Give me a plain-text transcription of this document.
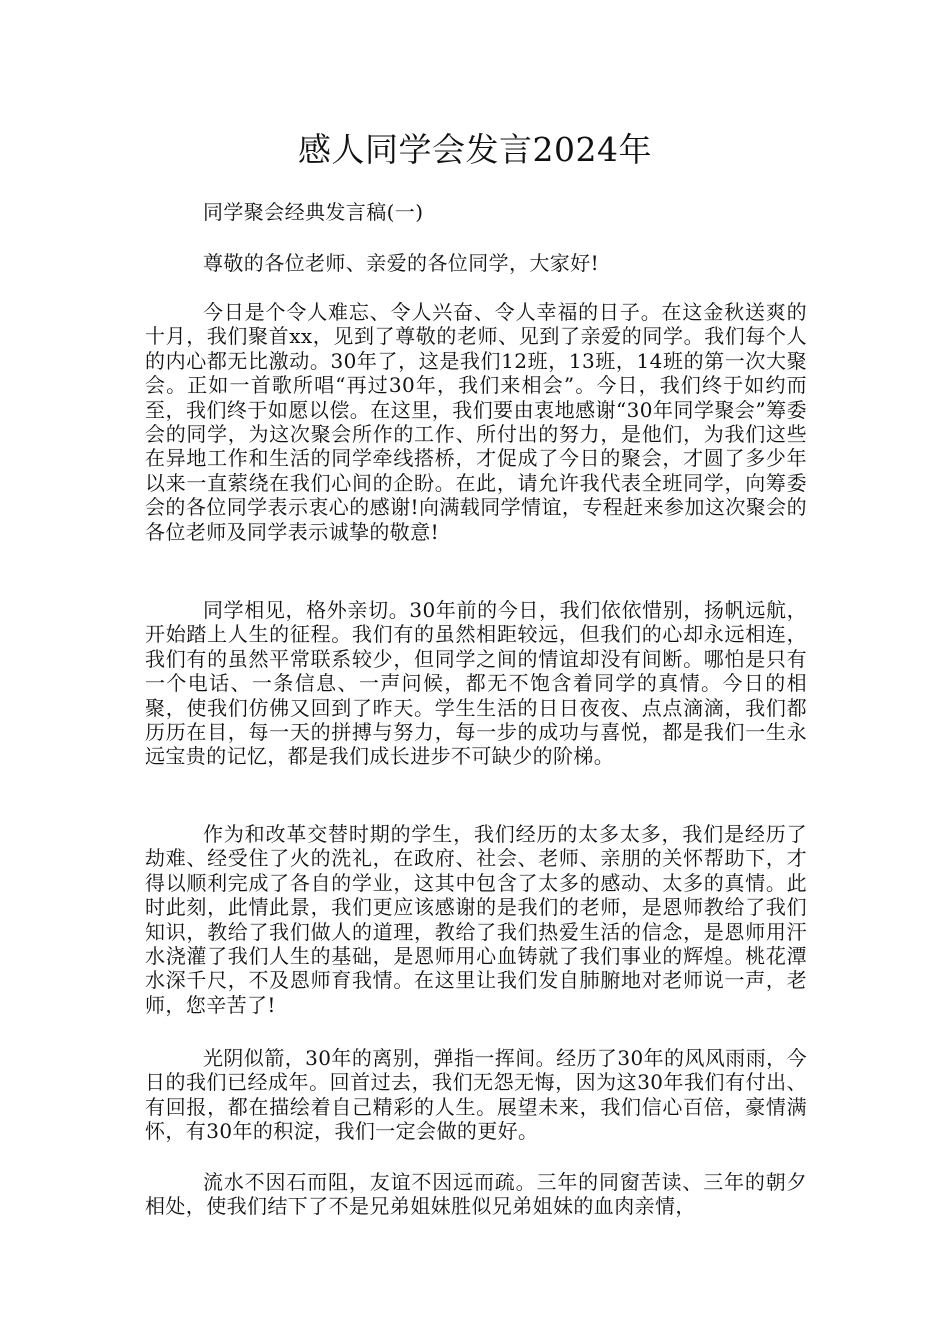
感人同学会发言2024年

同学聚会经典发言稿(一)

尊敬的各位老师、亲爱的各位同学，大家好!

今日是个令人难忘、令人兴奋、令人幸福的日子。在这金秋送爽的十月，我们聚首xx，见到了尊敬的老师、见到了亲爱的同学。我们每个人的内心都无比激动。30年了，这是我们12班，13班，14班的第一次大聚会。正如一首歌所唱“再过30年，我们来相会”。今日，我们终于如约而至，我们终于如愿以偿。在这里，我们要由衷地感谢“30年同学聚会”筹委会的同学，为这次聚会所作的工作、所付出的努力，是他们，为我们这些在异地工作和生活的同学牵线搭桥，才促成了今日的聚会，才圆了多少年以来一直萦绕在我们心间的企盼。在此，请允许我代表全班同学，向筹委会的各位同学表示衷心的感谢!向满载同学情谊，专程赶来参加这次聚会的各位老师及同学表示诚挚的敬意!

同学相见，格外亲切。30年前的今日，我们依依惜别，扬帆远航，开始踏上人生的征程。我们有的虽然相距较远，但我们的心却永远相连，我们有的虽然平常联系较少，但同学之间的情谊却没有间断。哪怕是只有一个电话、一条信息、一声问候，都无不饱含着同学的真情。今日的相聚，使我们仿佛又回到了昨天。学生生活的日日夜夜、点点滴滴，我们都历历在目，每一天的拼搏与努力，每一步的成功与喜悦，都是我们一生永远宝贵的记忆，都是我们成长进步不可缺少的阶梯。

作为和改革交替时期的学生，我们经历的太多太多，我们是经历了劫难、经受住了火的洗礼，在政府、社会、老师、亲朋的关怀帮助下，才得以顺利完成了各自的学业，这其中包含了太多的感动、太多的真情。此时此刻，此情此景，我们更应该感谢的是我们的老师，是恩师教给了我们知识，教给了我们做人的道理，教给了我们热爱生活的信念，是恩师用汗水浇灌了我们人生的基础，是恩师用心血铸就了我们事业的辉煌。桃花潭水深千尺，不及恩师育我情。在这里让我们发自肺腑地对老师说一声，老师，您辛苦了!

光阴似箭，30年的离别，弹指一挥间。经历了30年的风风雨雨，今日的我们已经成年。回首过去，我们无怨无悔，因为这30年我们有付出、有回报，都在描绘着自己精彩的人生。展望未来，我们信心百倍，豪情满怀，有30年的积淀，我们一定会做的更好。

流水不因石而阻，友谊不因远而疏。三年的同窗苦读、三年的朝夕相处，使我们结下了不是兄弟姐妹胜似兄弟姐妹的血肉亲情，
